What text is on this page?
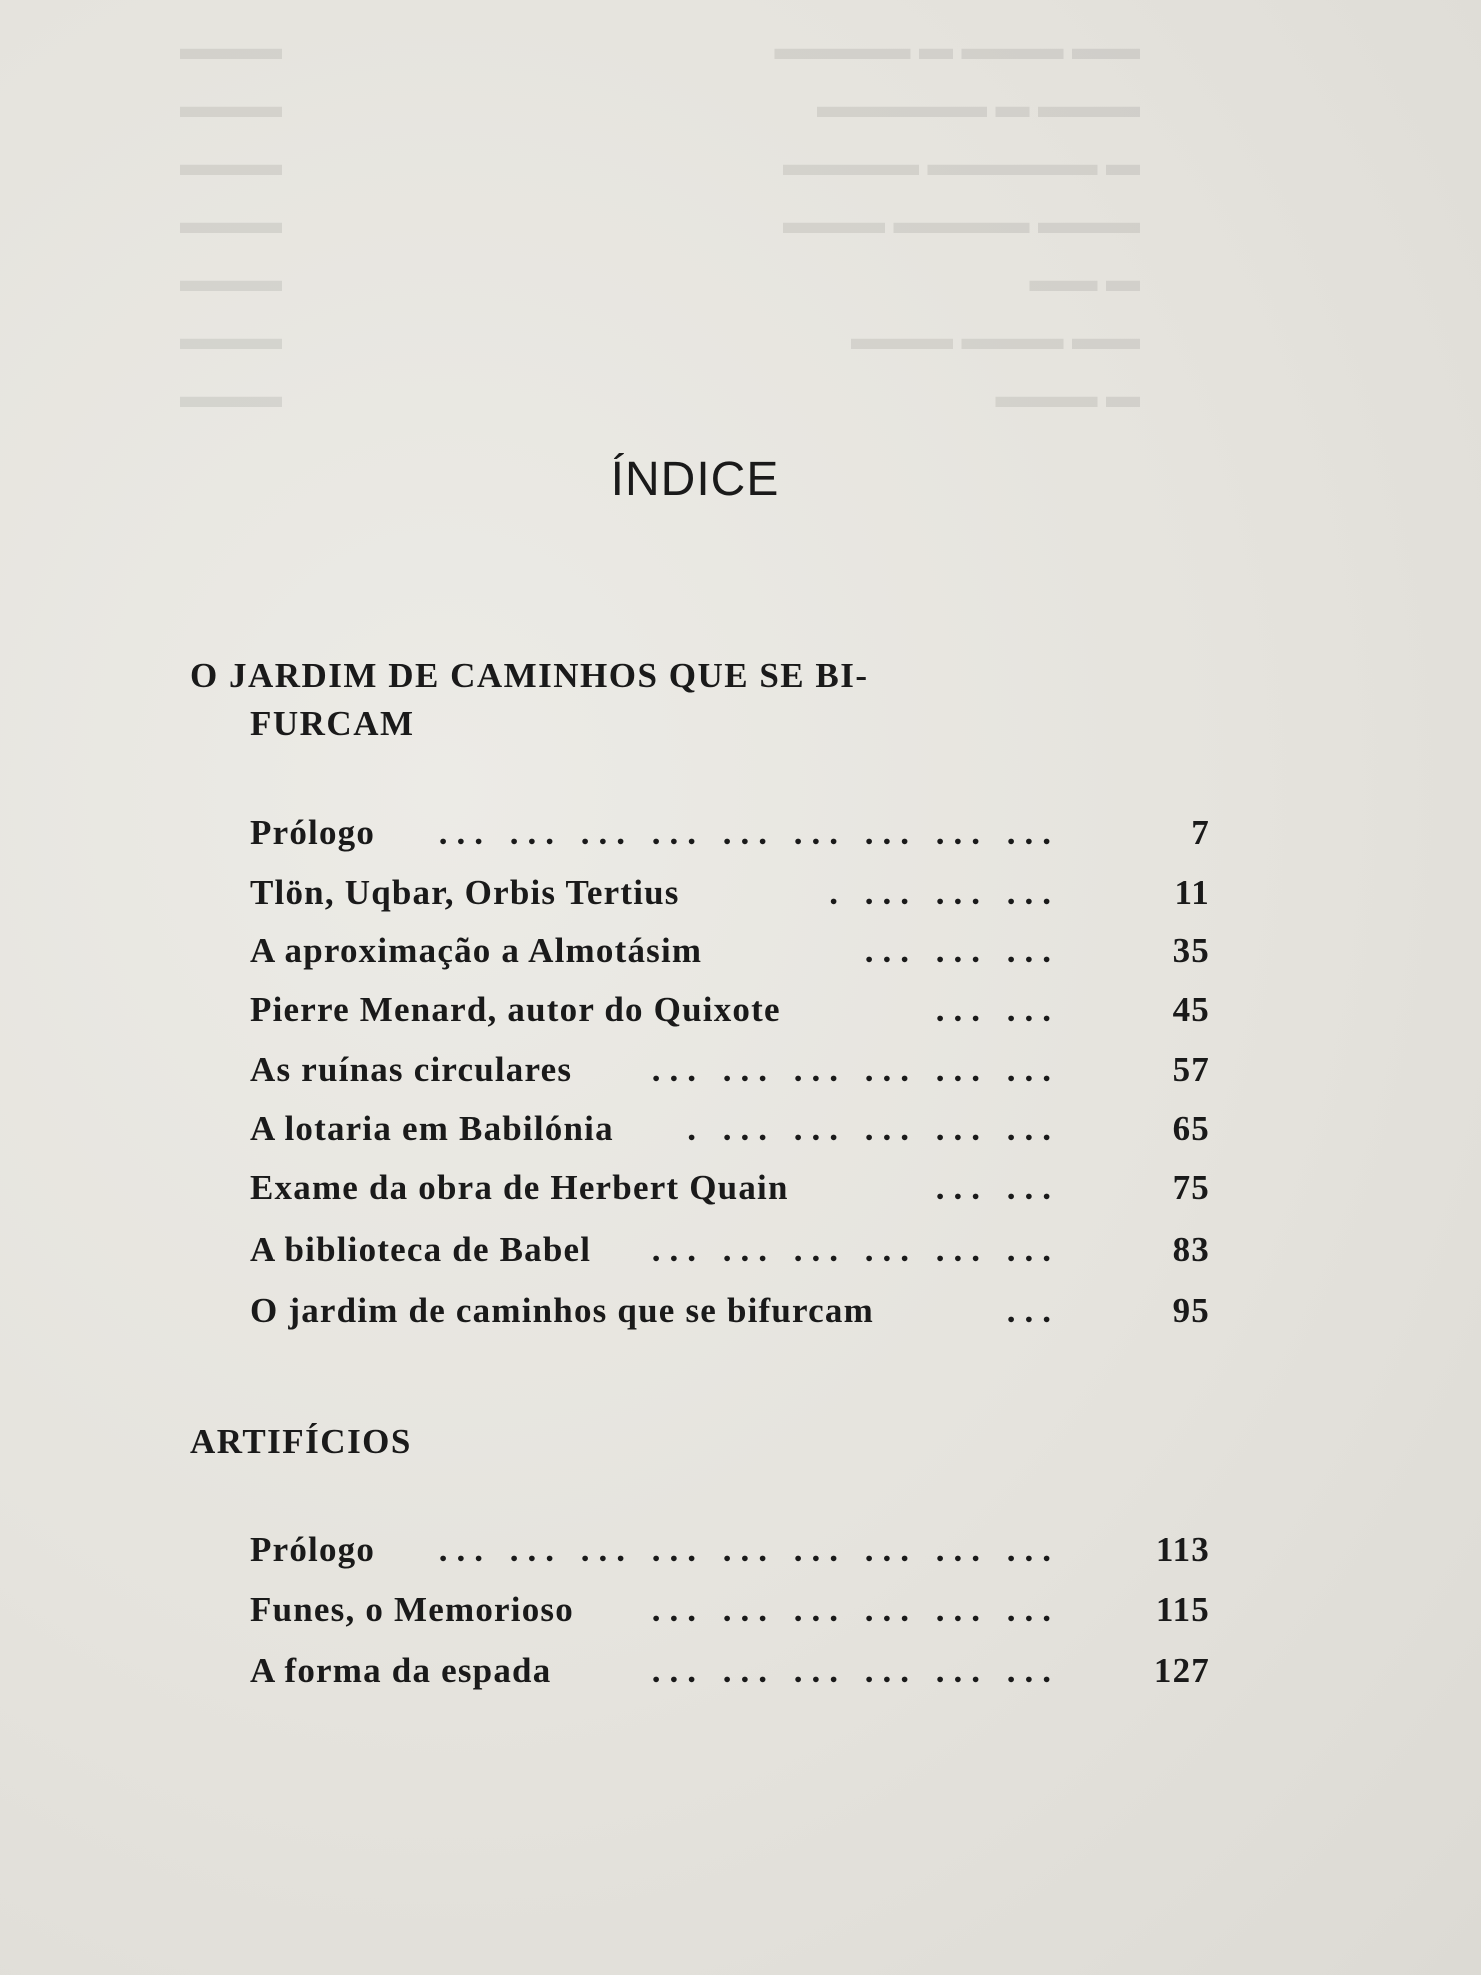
▬▬ ▬▬▬ ▬ ▬▬▬▬
▬▬▬
▬▬▬ ▬ ▬▬▬▬▬
▬▬▬
▬ ▬▬▬▬▬ ▬▬▬▬
▬▬▬
▬▬▬ ▬▬▬▬ ▬▬▬
▬▬▬
▬ ▬▬
▬▬▬
▬▬ ▬▬▬ ▬▬▬
▬▬▬
▬ ▬▬▬
▬▬▬
ÍNDICE
O JARDIM DE CAMINHOS QUE SE BI-
FURCAM
Prólogo ... ... ... ... ... ... ... ... ...	7
Tlön, Uqbar, Orbis Tertius	. ... ... ...	11
A aproximação a Almotásim	... ... ...	35
Pierre Menard, autor do Quixote	... ...	45
As ruínas circulares ... ... ... ... ... ...	57
A lotaria em Babilónia . ... ... ... ... ...	65
Exame da obra de Herbert Quain	... ...	75
A biblioteca de Babel ... ... ... ... ... ...	83
O jardim de caminhos que se bifurcam	...	95
ARTIFÍCIOS
Prólogo ... ... ... ... ... ... ... ... ...	113
Funes, o Memorioso ... ... ... ... ... ...	115
A forma da espada	... ... ... ... ... ...	127
